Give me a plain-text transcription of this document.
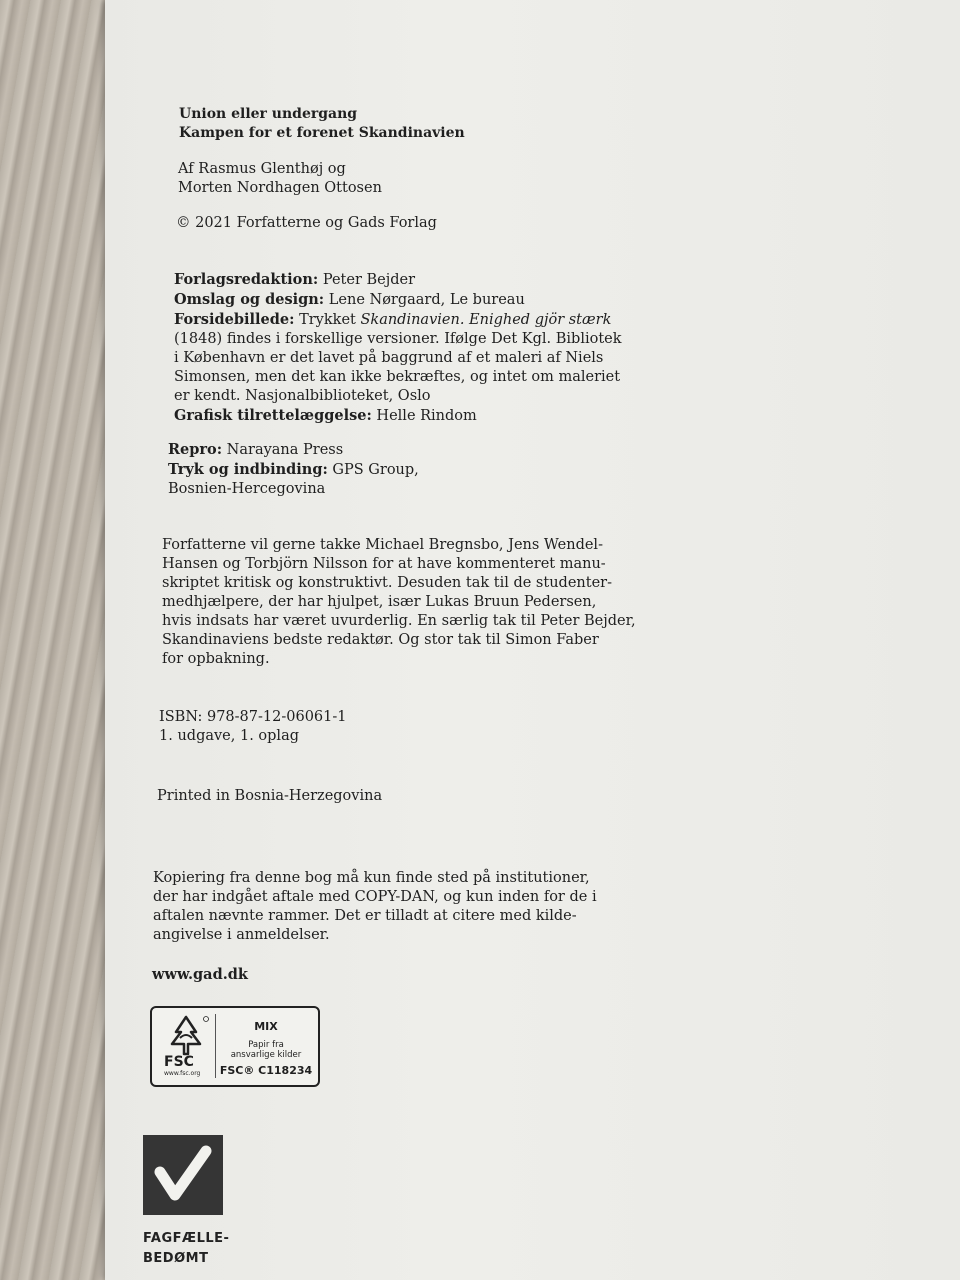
Union eller undergang
Kampen for et forenet Skandinavien
Af Rasmus Glenthøj og
Morten Nordhagen Ottosen
© 2021 Forfatterne og Gads Forlag
Forlagsredaktion: Peter Bejder
Omslag og design: Lene Nørgaard, Le bureau
Forsidebillede: Trykket Skandinavien. Enighed gjör stærk
(1848) findes i forskellige versioner. Ifølge Det Kgl. Bibliotek
i København er det lavet på baggrund af et maleri af Niels
Simonsen, men det kan ikke bekræftes, og intet om maleriet
er kendt. Nasjonalbiblioteket, Oslo
Grafisk tilrettelæggelse: Helle Rindom
Repro: Narayana Press
Tryk og indbinding: GPS Group,
Bosnien-Hercegovina
Forfatterne vil gerne takke Michael Bregnsbo, Jens Wendel-
Hansen og Torbjörn Nilsson for at have kommenteret manu-
skriptet kritisk og konstruktivt. Desuden tak til de studenter-
medhjælpere, der har hjulpet, især Lukas Bruun Pedersen,
hvis indsats har været uvurderlig. En særlig tak til Peter Bejder,
Skandinaviens bedste redaktør. Og stor tak til Simon Faber
for opbakning.
ISBN: 978-87-12-06061-1
1. udgave, 1. oplag
Printed in Bosnia-Herzegovina
Kopiering fra denne bog må kun finde sted på institutioner,
der har indgået aftale med COPY-DAN, og kun inden for de i
aftalen nævnte rammer. Det er tilladt at citere med kilde-
angivelse i anmeldelser.
www.gad.dk
FSC
www.fsc.org
MIX
Papir fra
ansvarlige kilder
FSC® C118234
FAGFÆLLE-
BEDØMT
